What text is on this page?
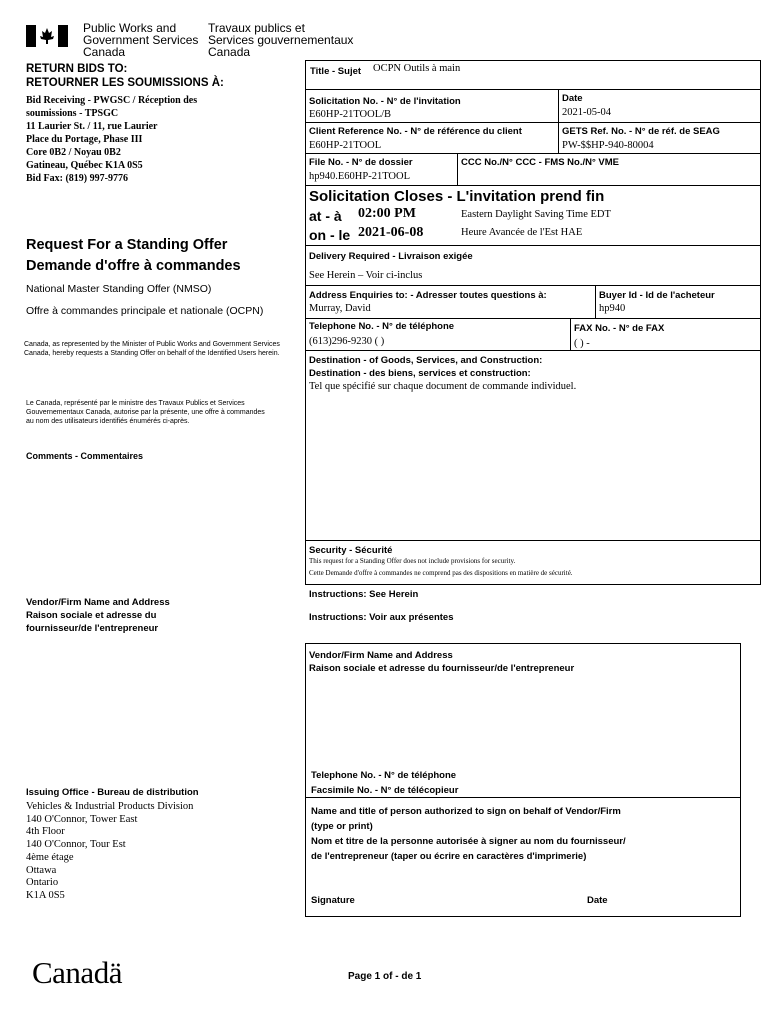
Public Works and
Government Services
Canada
Travaux publics et
Services gouvernementaux
Canada
RETURN BIDS TO:
RETOURNER LES SOUMISSIONS À:
Bid Receiving - PWGSC / Réception des
soumissions - TPSGC
11 Laurier St. / 11, rue Laurier
Place du Portage, Phase III
Core 0B2 / Noyau 0B2
Gatineau, Québec K1A 0S5
Bid Fax: (819) 997-9776
Request For a Standing Offer
Demande d'offre à commandes
National Master Standing Offer (NMSO)
Offre à commandes principale et nationale (OCPN)
Canada, as represented by the Minister of Public Works and Government Services Canada, hereby requests a Standing Offer on behalf of the Identified Users herein.
Le Canada, représenté par le ministre des Travaux Publics et Services Gouvernementaux Canada, autorise par la présente, une offre à commandes au nom des utilisateurs identifiés énumérés ci-après.
Comments - Commentaires
Vendor/Firm Name and Address
Raison sociale et adresse du
fournisseur/de l'entrepreneur
Issuing Office - Bureau de distribution
Vehicles & Industrial Products Division
140 O'Connor, Tower East
4th Floor
140 O'Connor, Tour Est
4ème étage
Ottawa
Ontario
K1A 0S5
Title - Sujet OCPN Outils à main
Solicitation No. - N° de l'invitation
E60HP-21TOOL/B
Date
2021-05-04
Client Reference No. - N° de référence du client
E60HP-21TOOL
GETS Ref. No. - N° de réf. de SEAG
PW-$$HP-940-80004
File No. - N° de dossier
hp940.E60HP-21TOOL
CCC No./N° CCC - FMS No./N° VME
Solicitation Closes - L'invitation prend fin
at - à 02:00 PM
on - le 2021-06-08
Eastern Daylight Saving Time EDT
Heure Avancée de l'Est HAE
Delivery Required - Livraison exigée
See Herein – Voir ci-inclus
Address Enquiries to: - Adresser toutes questions à:
Murray, David
Buyer Id - Id de l'acheteur
hp940
Telephone No. - N° de téléphone
(613)296-9230 ( )
FAX No. - N° de FAX
( ) -
Destination - of Goods, Services, and Construction:
Destination - des biens, services et construction:
Tel que spécifié sur chaque document de commande individuel.
Security - Sécurité
This request for a Standing Offer does not include provisions for security.
Cette Demande d'offre à commandes ne comprend pas des dispositions en matière de sécurité.
Instructions: See Herein
Instructions: Voir aux présentes
Vendor/Firm Name and Address
Raison sociale et adresse du fournisseur/de l'entrepreneur
Telephone No. - N° de téléphone
Facsimile No. - N° de télécopieur
Name and title of person authorized to sign on behalf of Vendor/Firm
(type or print)
Nom et titre de la personne autorisée à signer au nom du fournisseur/
de l'entrepreneur (taper ou écrire en caractères d'imprimerie)
Signature	Date
Canadä	Page 1 of - de 1
